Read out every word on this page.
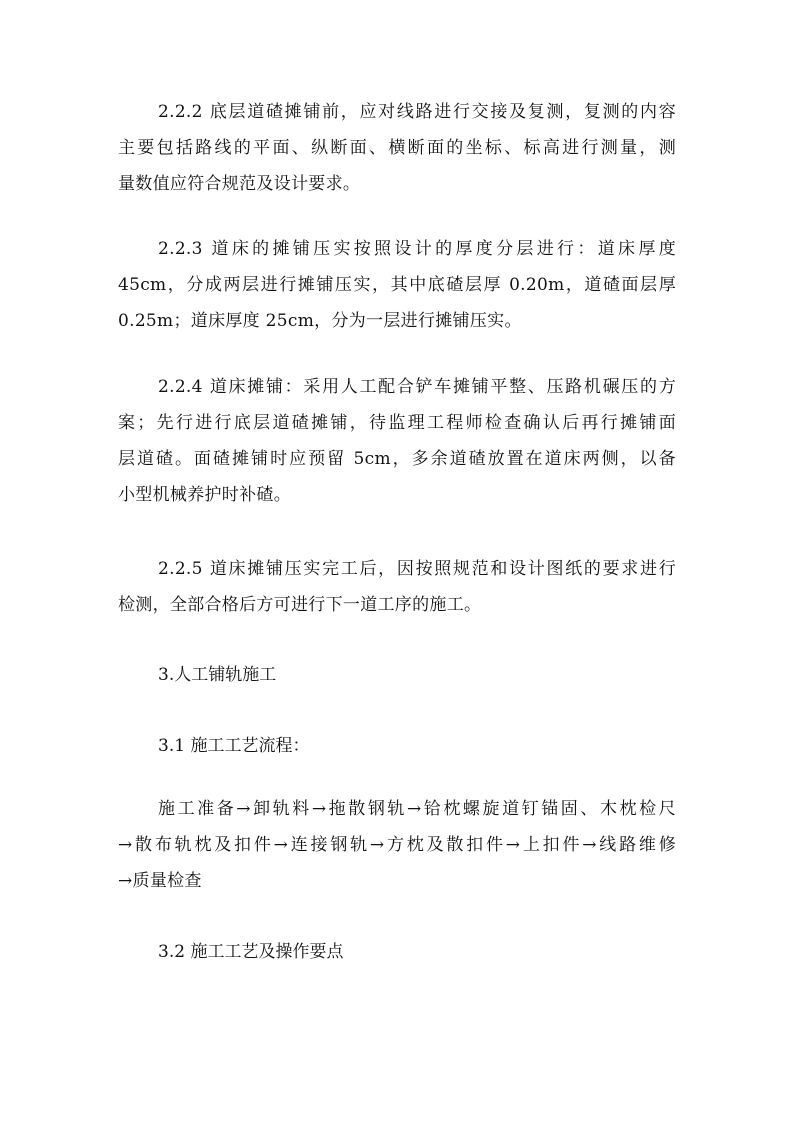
2.2.2 底层道碴摊铺前，应对线路进行交接及复测，复测的内容
主要包括路线的平面、纵断面、横断面的坐标、标高进行测量，测
量数值应符合规范及设计要求。

2.2.3 道床的摊铺压实按照设计的厚度分层进行：道床厚度
45cm，分成两层进行摊铺压实，其中底碴层厚 0.20m，道碴面层厚
0.25m；道床厚度 25cm，分为一层进行摊铺压实。

2.2.4 道床摊铺：采用人工配合铲车摊铺平整、压路机碾压的方
案；先行进行底层道碴摊铺，待监理工程师检查确认后再行摊铺面
层道碴。面碴摊铺时应预留 5cm，多余道碴放置在道床两侧，以备
小型机械养护时补碴。

2.2.5 道床摊铺压实完工后，因按照规范和设计图纸的要求进行
检测，全部合格后方可进行下一道工序的施工。

3.人工铺轨施工

3.1 施工工艺流程：

施工准备→卸轨料→拖散钢轨→铪枕螺旋道钉锚固、木枕检尺
→散布轨枕及扣件→连接钢轨→方枕及散扣件→上扣件→线路维修
→质量检查

3.2 施工工艺及操作要点
